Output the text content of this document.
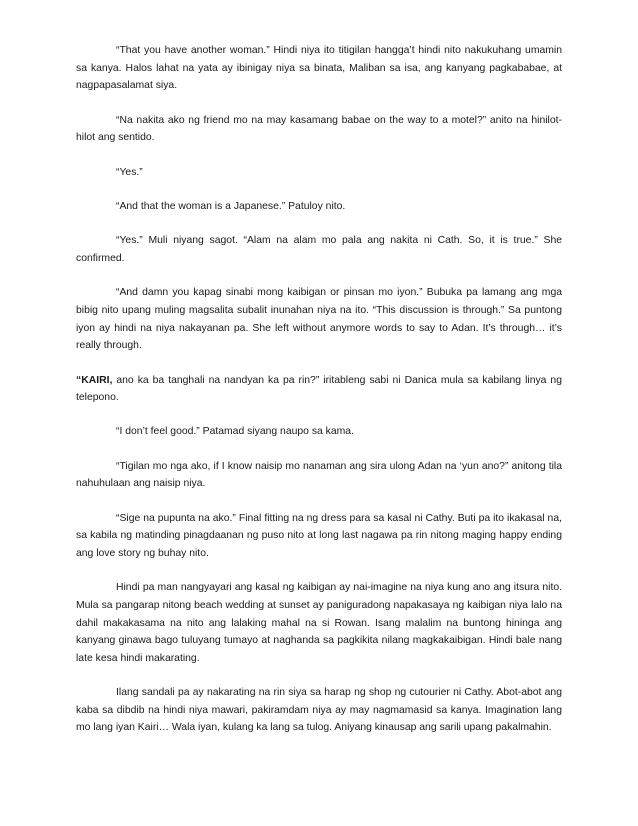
“That you have another woman.” Hindi niya ito titigilan hangga’t hindi nito nakukuhang umamin sa kanya. Halos lahat na yata ay ibinigay niya sa binata, Maliban sa isa, ang kanyang pagkababae, at nagpapasalamat siya.

“Na nakita ako ng friend mo na may kasamang babae on the way to a motel?” anito na hinilot-hilot ang sentido.

“Yes.”

“And that the woman is a Japanese.” Patuloy nito.

“Yes.” Muli niyang sagot. “Alam na alam mo pala ang nakita ni Cath. So, it is true.” She confirmed.

“And damn you kapag sinabi mong kaibigan or pinsan mo iyon.” Bubuka pa lamang ang mga bibig nito upang muling magsalita subalit inunahan niya na ito. “This discussion is through.” Sa puntong iyon ay hindi na niya nakayanan pa. She left without anymore words to say to Adan. It’s through… it’s really through.

“KAIRI, ano ka ba tanghali na nandyan ka pa rin?” iritableng sabi ni Danica mula sa kabilang linya ng telepono.

“I don’t feel good.” Patamad siyang naupo sa kama.

“Tigilan mo nga ako, if I know naisip mo nanaman ang sira ulong Adan na ‘yun ano?” anitong tila nahuhulaan ang naisip niya.

“Sige na pupunta na ako.” Final fitting na ng dress para sa kasal ni Cathy. Buti pa ito ikakasal na, sa kabila ng matinding pinagdaanan ng puso nito at long last nagawa pa rin nitong maging happy ending ang love story ng buhay nito.

Hindi pa man nangyayari ang kasal ng kaibigan ay nai-imagine na niya kung ano ang itsura nito. Mula sa pangarap nitong beach wedding at sunset ay paniguradong napakasaya ng kaibigan niya lalo na dahil makakasama na nito ang lalaking mahal na si Rowan. Isang malalim na buntong hininga ang kanyang ginawa bago tuluyang tumayo at naghanda sa pagkikita nilang magkakaibigan. Hindi bale nang late kesa hindi makarating.

Ilang sandali pa ay nakarating na rin siya sa harap ng shop ng cutourier ni Cathy. Abot-abot ang kaba sa dibdib na hindi niya mawari, pakiramdam niya ay may nagmamasid sa kanya. Imagination lang mo lang iyan Kairi… Wala iyan, kulang ka lang sa tulog. Aniyang kinausap ang sarili upang pakalmahin.
